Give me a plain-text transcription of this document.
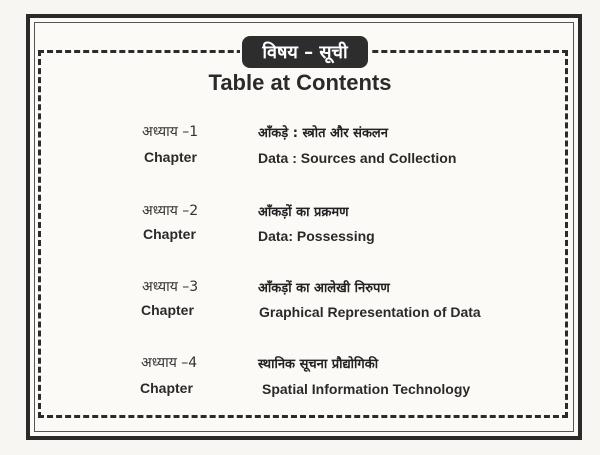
विषय – सूची
Table at Contents
अध्याय –1	आँकड़े : स्त्रोत और संकलन
Chapter	Data : Sources and Collection
अध्याय –2	आँकड़ों का प्रक्रमण
Chapter	Data: Possessing
अध्याय –3	आँकड़ों का आलेखी निरुपण
Chapter	Graphical Representation of Data
अध्याय –4	स्थानिक सूचना प्रौद्योगिकी
Chapter	Spatial Information Technology
